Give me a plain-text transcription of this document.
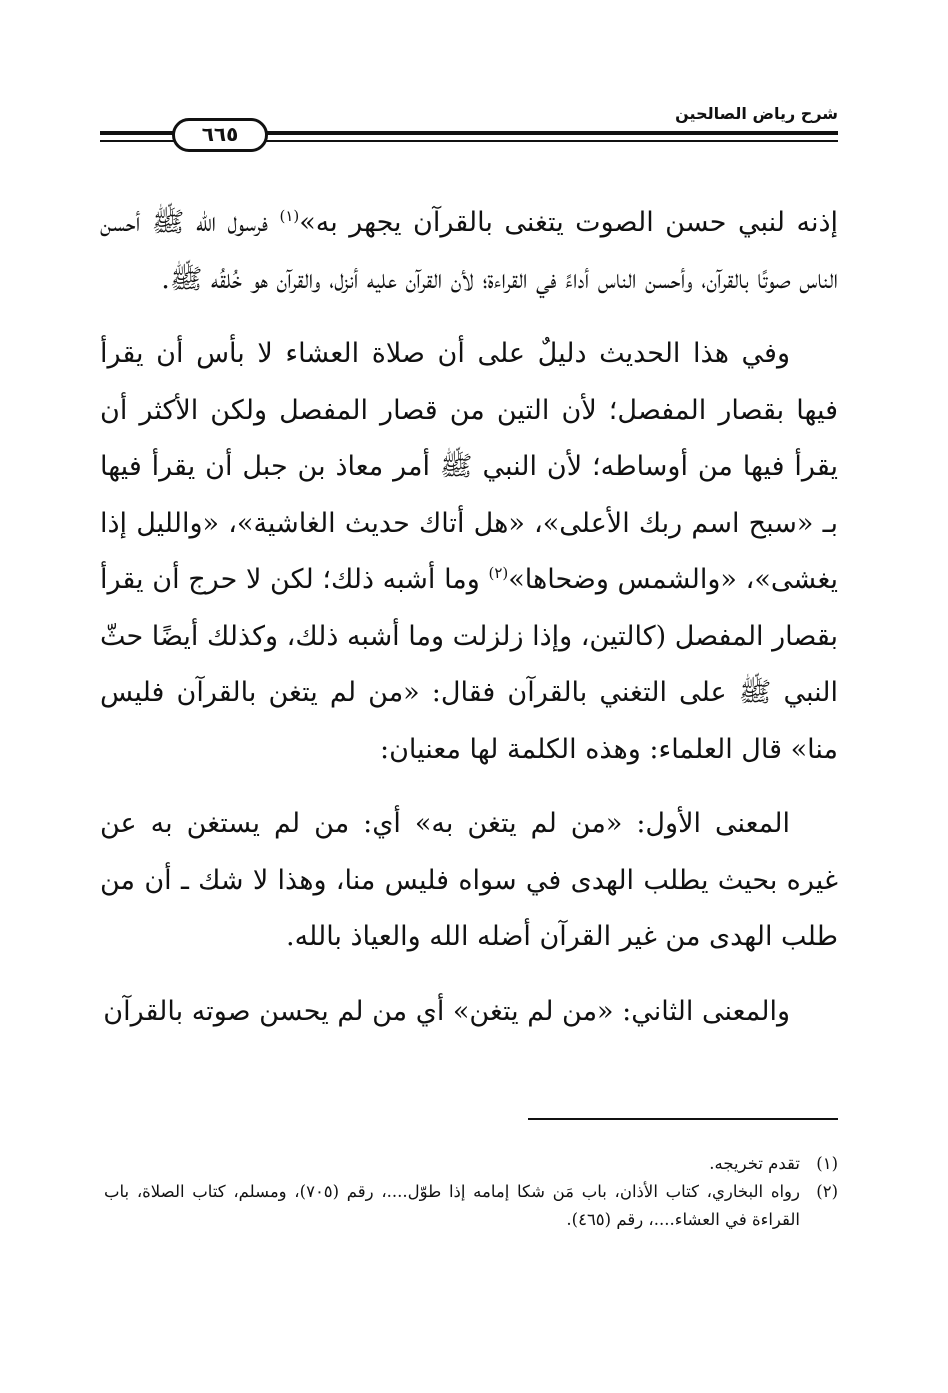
شرح رياض الصالحين
٦٦٥

إذنه لنبي حسن الصوت يتغنى بالقرآن يجهر به»$^{(١)}$ فرسول الله ﷺ أحسن الناس صوتًا بالقرآن، وأحسن الناس أداءً في القراءة؛ لأن القرآن عليه أنزل، والقرآن هو خُلقُه ﷺ.

وفي هذا الحديث دليلٌ على أن صلاة العشاء لا بأس أن يقرأ فيها بقصار المفصل؛ لأن التين من قصار المفصل ولكن الأكثر أن يقرأ فيها من أوساطه؛ لأن النبي ﷺ أمر معاذ بن جبل أن يقرأ فيها بـ «سبح اسم ربك الأعلى»، «هل أتاك حديث الغاشية»، «والليل إذا يغشى»، «والشمس وضحاها»$^{(٢)}$ وما أشبه ذلك؛ لكن لا حرج أن يقرأ بقصار المفصل (كالتين، وإذا زلزلت وما أشبه ذلك، وكذلك أيضًا حثّ النبي ﷺ على التغني بالقرآن فقال: «من لم يتغن بالقرآن فليس منا» قال العلماء: وهذه الكلمة لها معنيان:

المعنى الأول: «من لم يتغن به» أي: من لم يستغن به عن غيره بحيث يطلب الهدى في سواه فليس منا، وهذا لا شك ـ أن من طلب الهدى من غير القرآن أضله الله والعياذ بالله.

والمعنى الثاني: «من لم يتغن» أي من لم يحسن صوته بالقرآن

(١)
تقدم تخريجه.
(٢)
رواه البخاري، كتاب الأذان، باب مَن شكا إمامه إذا طوّل....، رقم (٧٠٥)، ومسلم، كتاب الصلاة، باب القراءة في العشاء....، رقم (٤٦٥).
